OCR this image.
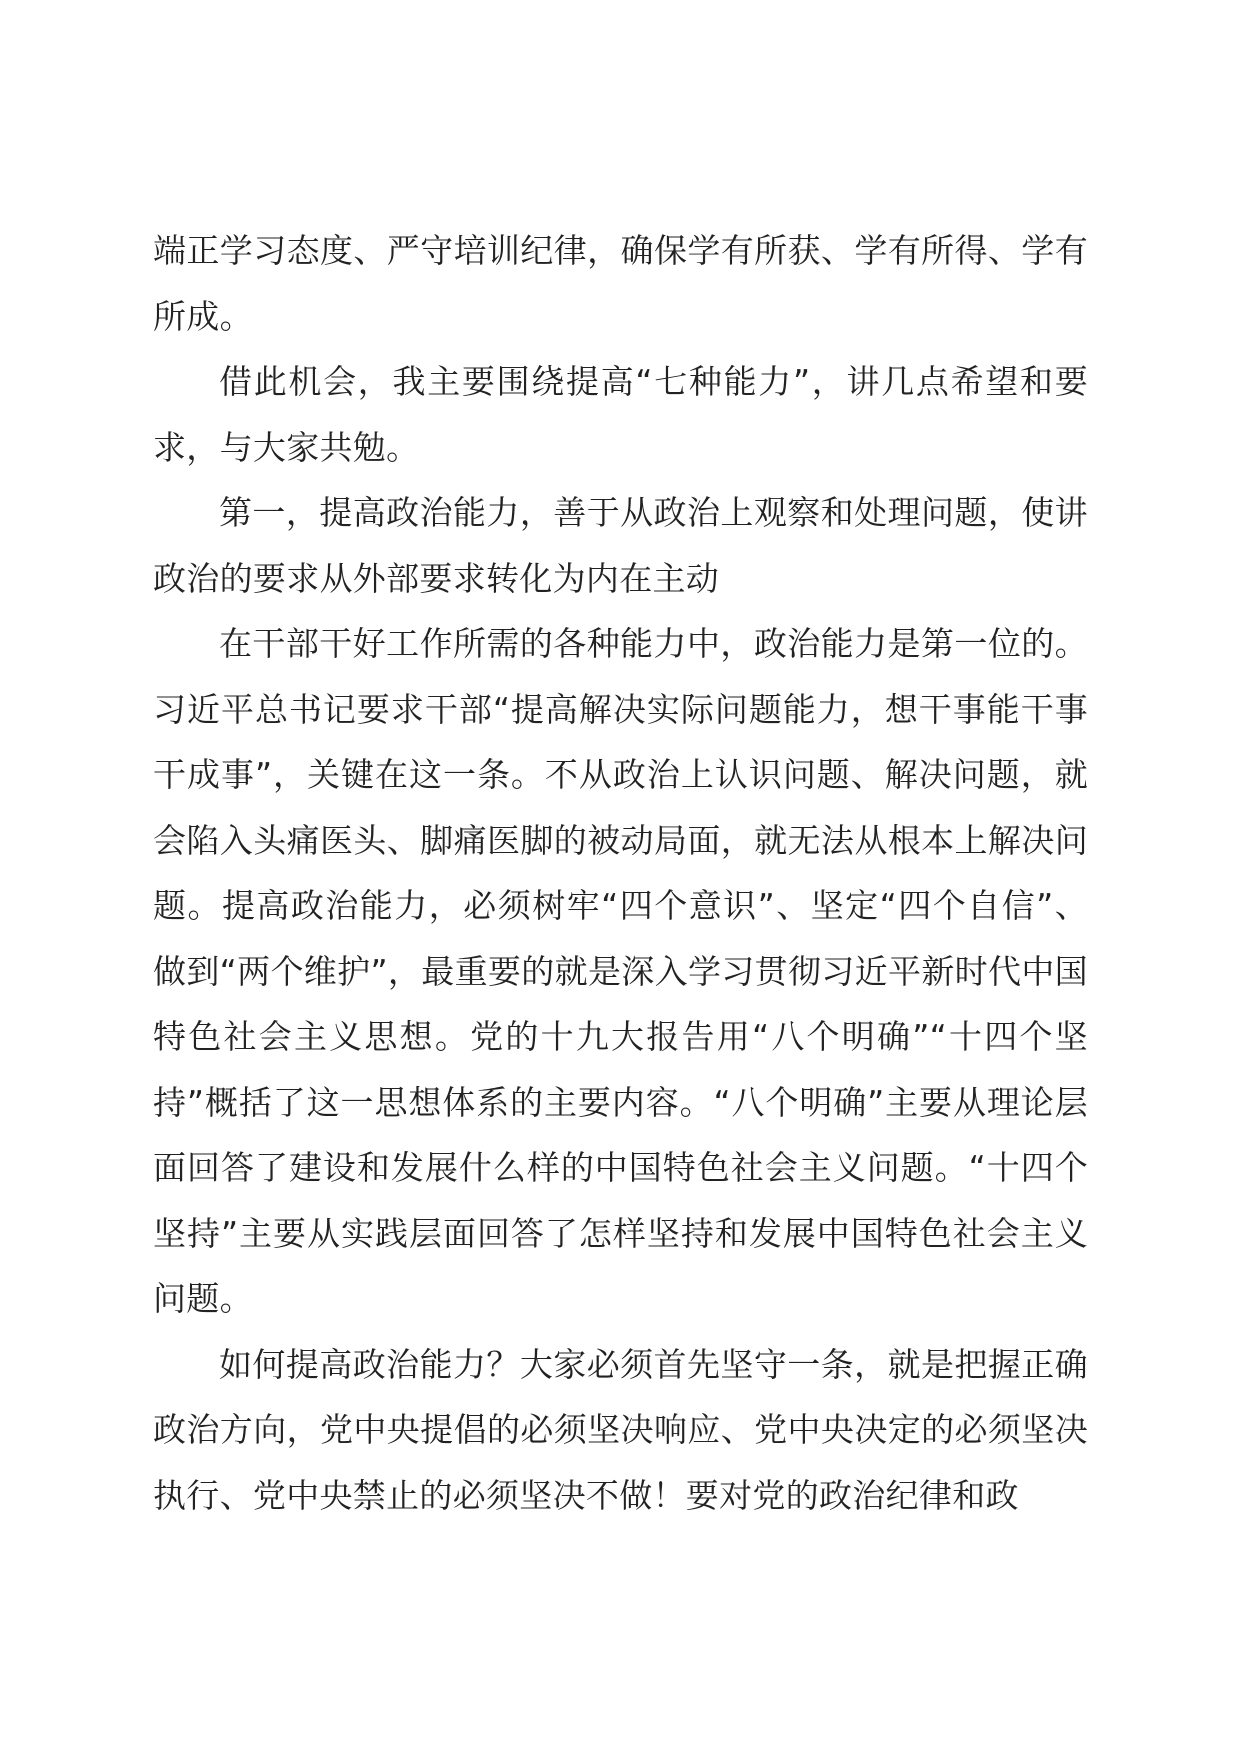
端正学习态度、严守培训纪律，确保学有所获、学有所得、学有所成。

借此机会，我主要围绕提高“七种能力”，讲几点希望和要求，与大家共勉。

第一，提高政治能力，善于从政治上观察和处理问题，使讲政治的要求从外部要求转化为内在主动

在干部干好工作所需的各种能力中，政治能力是第一位的。习近平总书记要求干部“提高解决实际问题能力，想干事能干事干成事”，关键在这一条。不从政治上认识问题、解决问题，就会陷入头痛医头、脚痛医脚的被动局面，就无法从根本上解决问题。提高政治能力，必须树牢“四个意识”、坚定“四个自信”、做到“两个维护”，最重要的就是深入学习贯彻习近平新时代中国特色社会主义思想。党的十九大报告用“八个明确”“十四个坚持”概括了这一思想体系的主要内容。“八个明确”主要从理论层面回答了建设和发展什么样的中国特色社会主义问题。“十四个坚持”主要从实践层面回答了怎样坚持和发展中国特色社会主义问题。

如何提高政治能力？大家必须首先坚守一条，就是把握正确政治方向，党中央提倡的必须坚决响应、党中央决定的必须坚决执行、党中央禁止的必须坚决不做！要对党的政治纪律和政
